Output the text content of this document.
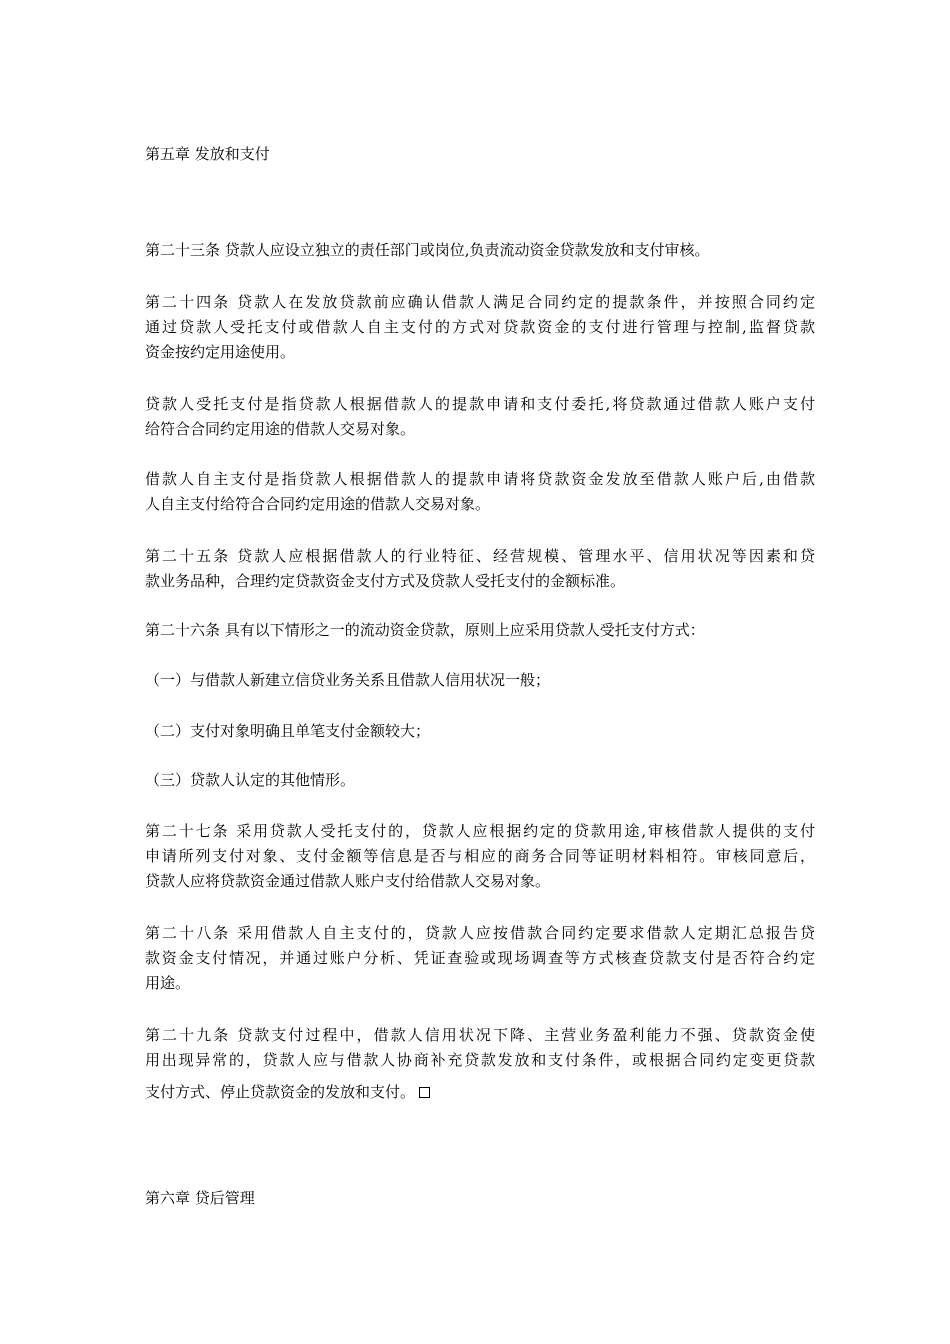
第五章 发放和支付
第二十三条 贷款人应设立独立的责任部门或岗位,负责流动资金贷款发放和支付审核。
第二十四条 贷款人在发放贷款前应确认借款人满足合同约定的提款条件，并按照合同约定
通过贷款人受托支付或借款人自主支付的方式对贷款资金的支付进行管理与控制,监督贷款
资金按约定用途使用。
贷款人受托支付是指贷款人根据借款人的提款申请和支付委托,将贷款通过借款人账户支付
给符合合同约定用途的借款人交易对象。
借款人自主支付是指贷款人根据借款人的提款申请将贷款资金发放至借款人账户后,由借款
人自主支付给符合合同约定用途的借款人交易对象。
第二十五条 贷款人应根据借款人的行业特征、经营规模、管理水平、信用状况等因素和贷
款业务品种，合理约定贷款资金支付方式及贷款人受托支付的金额标准。
第二十六条 具有以下情形之一的流动资金贷款，原则上应采用贷款人受托支付方式：
（一）与借款人新建立信贷业务关系且借款人信用状况一般；
（二）支付对象明确且单笔支付金额较大；
（三）贷款人认定的其他情形。
第二十七条 采用贷款人受托支付的，贷款人应根据约定的贷款用途,审核借款人提供的支付
申请所列支付对象、支付金额等信息是否与相应的商务合同等证明材料相符。审核同意后，
贷款人应将贷款资金通过借款人账户支付给借款人交易对象。
第二十八条 采用借款人自主支付的，贷款人应按借款合同约定要求借款人定期汇总报告贷
款资金支付情况，并通过账户分析、凭证查验或现场调查等方式核查贷款支付是否符合约定
用途。
第二十九条 贷款支付过程中，借款人信用状况下降、主营业务盈利能力不强、贷款资金使
用出现异常的，贷款人应与借款人协商补充贷款发放和支付条件，或根据合同约定变更贷款
支付方式、停止贷款资金的发放和支付。
第六章 贷后管理
